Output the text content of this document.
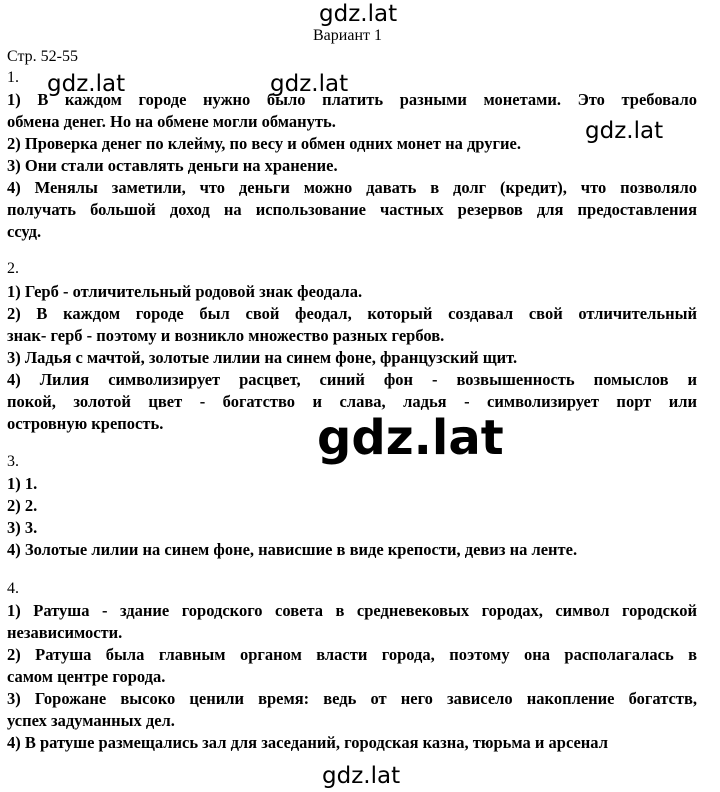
gdz.lat
gdz.lat	gdz.lat
gdz.lat
gdz.lat
gdz.lat
Вариант 1
Стр. 52-55
1.
1) В каждом городе нужно было платить разными монетами. Это требовало
обмена денег. Но на обмене могли обмануть.
2) Проверка денег по клейму, по весу и обмен одних монет на другие.
3) Они стали оставлять деньги на хранение.
4) Менялы заметили, что деньги можно давать в долг (кредит), что позволяло
получать большой доход на использование частных резервов для предоставления
ссуд.
2.
1) Герб - отличительный родовой знак феодала.
2) В каждом городе был свой феодал, который создавал свой отличительный
знак- герб - поэтому и возникло множество разных гербов.
3) Ладья с мачтой, золотые лилии на синем фоне, французский щит.
4) Лилия символизирует расцвет, синий фон - возвышенность помыслов и
покой, золотой цвет - богатство и слава, ладья - символизирует порт или
островную крепость.
3.
1) 1.
2) 2.
3) 3.
4) Золотые лилии на синем фоне, нависшие в виде крепости, девиз на ленте.
4.
1) Ратуша - здание городского совета в средневековых городах, символ городской
независимости.
2) Ратуша была главным органом власти города, поэтому она располагалась в
самом центре города.
3) Горожане высоко ценили время: ведь от него зависело накопление богатств,
успех задуманных дел.
4) В ратуше размещались зал для заседаний, городская казна, тюрьма и арсенал
